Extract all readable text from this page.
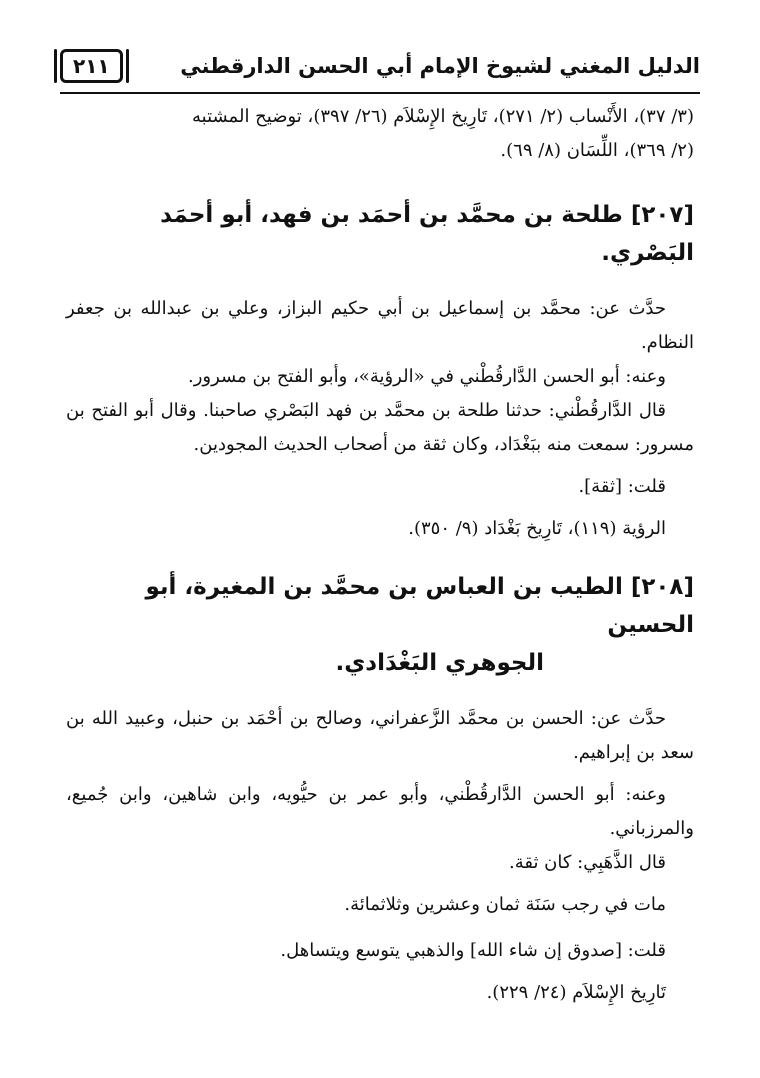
الدليل المغني لشيوخ الإمام أبي الحسن الدارقطني
٢١١

(٣/ ٣٧)، الأَنْساب (٢/ ٢٧١)، تَارِيخ الإِسْلاَم (٢٦/ ٣٩٧)، توضيح المشتبه

(٢/ ٣٦٩)، اللِّسَان (٨/ ٦٩).

[٢٠٧] طلحة بن محمَّد بن أحمَد بن فهد، أبو أحمَد البَصْري.

حدَّث عن: محمَّد بن إسماعيل بن أبي حكيم البزاز، وعلي بن عبدالله بن جعفر النظام.

وعنه: أبو الحسن الدَّارقُطْني في «الرؤية»، وأبو الفتح بن مسرور.

قال الدَّارقُطْني: حدثنا طلحة بن محمَّد بن فهد البَصْري صاحبنا. وقال أبو الفتح بن مسرور: سمعت منه ببَغْدَاد، وكان ثقة من أصحاب الحديث المجودين.

قلت: [ثقة].

الرؤية (١١٩)، تَارِيخ بَغْدَاد (٩/ ٣٥٠).

[٢٠٨] الطيب بن العباس بن محمَّد بن المغيرة، أبو الحسين

الجوهري البَغْدَادي.

حدَّث عن: الحسن بن محمَّد الزَّعفراني، وصالح بن أحْمَد بن حنبل، وعبيد الله بن سعد بن إبراهيم.

وعنه: أبو الحسن الدَّارقُطْني، وأبو عمر بن حيُّويه، وابن شاهين، وابن جُميع، والمرزباني.

قال الذَّهَبِي: كان ثقة.

مات في رجب سَنَة ثمان وعشرين وثلاثمائة.

قلت: [صدوق إن شاء الله] والذهبي يتوسع ويتساهل.

تَارِيخ الإِسْلاَم (٢٤/ ٢٢٩).
